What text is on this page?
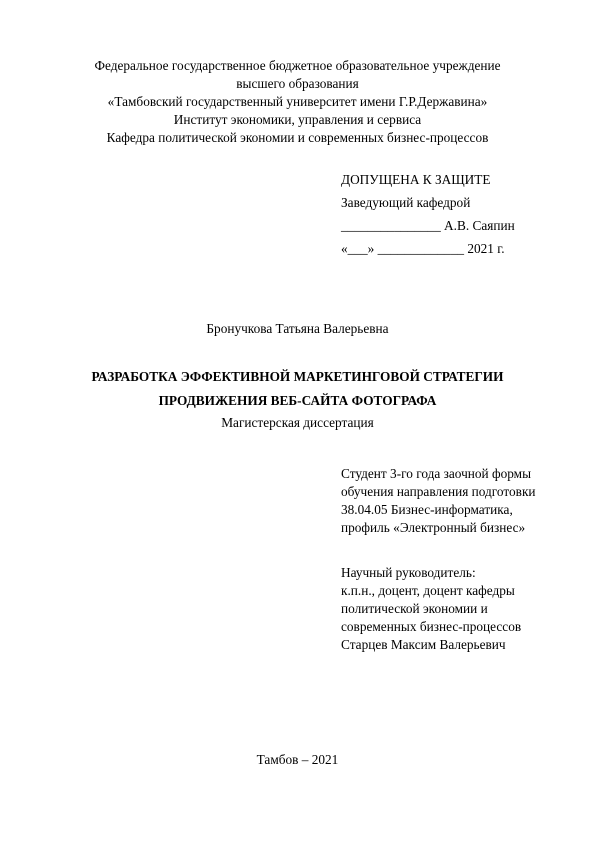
Федеральное государственное бюджетное образовательное учреждение
высшего образования
«Тамбовский государственный университет имени Г.Р.Державина»
Институт экономики, управления и сервиса
Кафедра политической экономии и современных бизнес-процессов
ДОПУЩЕНА К ЗАЩИТЕ
Заведующий кафедрой
_______________ А.В. Саяпин
«___» _____________ 2021 г.
Бронучкова Татьяна Валерьевна
РАЗРАБОТКА ЭФФЕКТИВНОЙ МАРКЕТИНГОВОЙ СТРАТЕГИИ
ПРОДВИЖЕНИЯ ВЕБ-САЙТА ФОТОГРАФА
Магистерская диссертация
Студент 3-го года заочной формы
обучения направления подготовки
38.04.05 Бизнес-информатика,
профиль «Электронный бизнес»
Научный руководитель:
к.п.н., доцент, доцент кафедры
политической экономии и
современных бизнес-процессов
Старцев Максим Валерьевич
Тамбов – 2021
